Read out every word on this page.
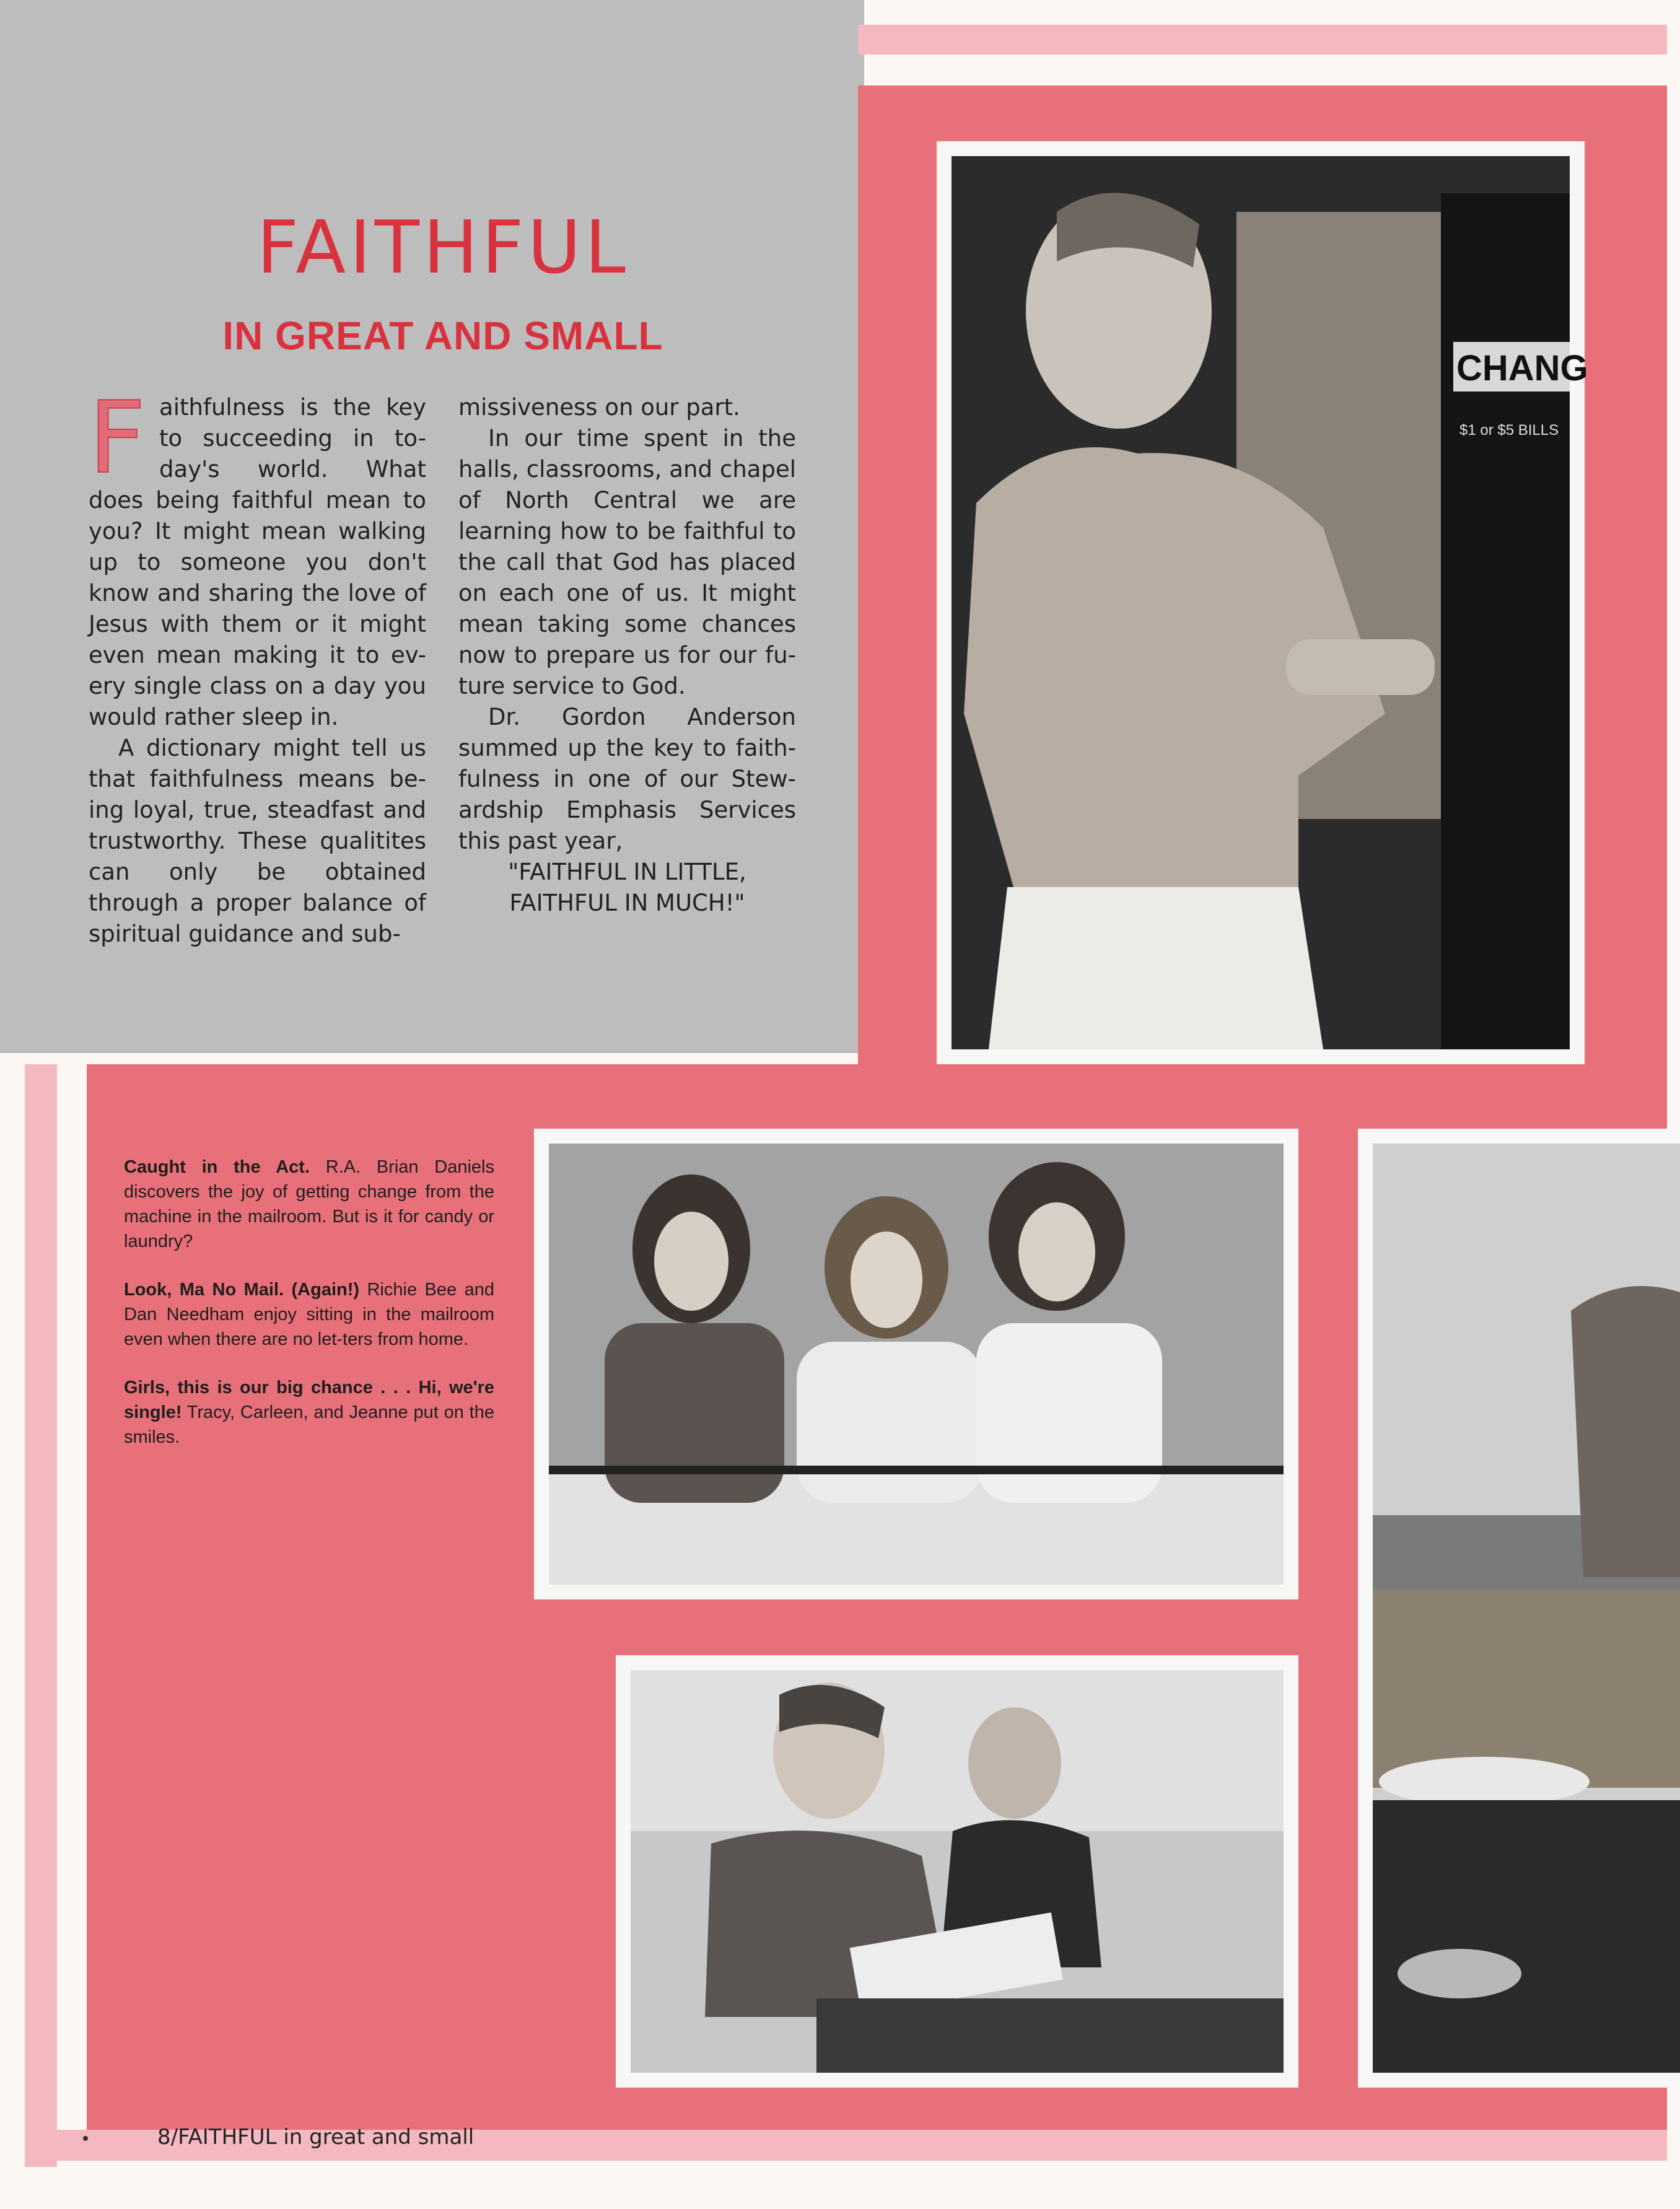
FAITHFUL
IN GREAT AND SMALL

Faithfulness is the key to succeeding in to-day's world. What does being faithful mean to you? It might mean walking up to someone you don't know and sharing the love of Jesus with them or it might even mean making it to ev-ery single class on a day you would rather sleep in.

A dictionary might tell us that faithfulness means be-ing loyal, true, steadfast and trustworthy. These qualitites can only be obtained through a proper balance of spiritual guidance and sub-

missiveness on our part.

In our time spent in the halls, classrooms, and chapel of North Central we are learning how to be faithful to the call that God has placed on each one of us. It might mean taking some chances now to prepare us for our fu-ture service to God.

Dr. Gordon Anderson summed up the key to faith-fulness in one of our Stew-ardship Emphasis Services this past year,

"FAITHFUL IN LITTLE,
FAITHFUL IN MUCH!"

CHANG
$1 or $5 BILLS

Caught in the Act. R.A. Brian Daniels discovers the joy of getting change from the machine in the mailroom. But is it for candy or laundry?

Look, Ma No Mail. (Again!) Richie Bee and Dan Needham enjoy sitting in the mailroom even when there are no let-ters from home.

Girls, this is our big chance . . . Hi, we're single! Tracy, Carleen, and Jeanne put on the smiles.

8/FAITHFUL in great and small
